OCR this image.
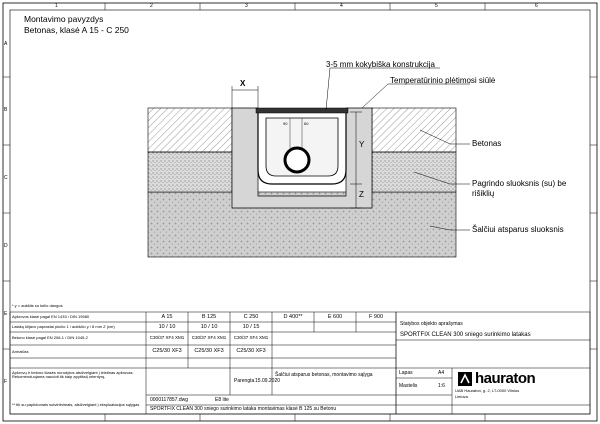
1	2	3	4	5	6
A
B
C
D
E
F
Montavimo pavyzdys
Betonas, klasė A 15 - C 250
X
Y
Z
90	60
3-5 mm kokybiška konstrukcija
Temperatūrinio plėtimosi siūlė
Betonas
Pagrindo sluoksnis (su) be rišiklių
Šalčiui atsparus sluoksnis
* y = aukštis su kelio dangos
Apkrovos klasė pagal EN 1433 / DIN 19580
Latakų klijavo paprastai pločio 1 / aukščio y / 8 mm Z (cm)
Betono klasė pagal EN 206-1 / DIN 1045-2
Armatūra
A 15	B 125	C 250	D 400**	E 600	F 900
10 / 10	10 / 10	10 / 15
C30/37 XF4 XM1	C30/37 XF4 XM1	C30/37 XF4 XM1
C25/30 XF3	C25/30 XF3	C25/30 XF3
Apkrovų ir betono klasės nurodytos atsižvelgiant į leistinas apkrovas. Rekomenduojama naudoti tik kaip apytikslį orientyrą.
** tik su papildomais sutvirtinimais, atsižvelgiant į eksploatacijos sąlygas
Statybos objekto aprašymas
SPORTFIX CLEAN 300 sniego surinkimo latakas
Parengta 15.09.2020
Šalčiui atsparus betonas, montavimo sąlyga	Lapas	A4
Mastelis	1:6
0000117857.dwg	E8 lite
hauraton
UAB Hauraton, g. 2, LT-0000 Vilnius
Lietuva
SPORTFIX CLEAN 300 sniego surinkimo lataka montavimas klasė B 125 su Betonu
